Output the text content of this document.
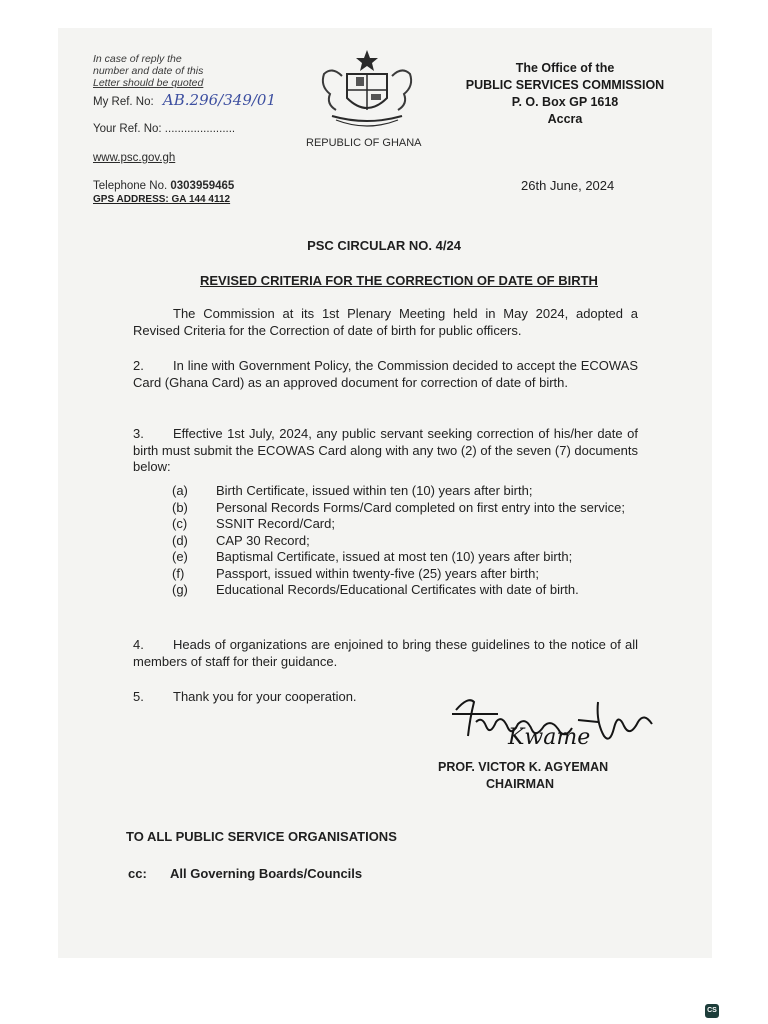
In case of reply the
number and date of this
Letter should be quoted
My Ref. No: AB.296/349/01
Your Ref. No: ......................
www.psc.gov.gh
Telephone No. 0303959465
GPS ADDRESS: GA 144 4112
REPUBLIC OF GHANA
The Office of the
PUBLIC SERVICES COMMISSION
P. O. Box GP 1618
Accra
26th June, 2024
PSC CIRCULAR NO. 4/24
REVISED CRITERIA FOR THE CORRECTION OF DATE OF BIRTH
The Commission at its 1st Plenary Meeting held in May 2024, adopted a Revised Criteria for the Correction of date of birth for public officers.
2. In line with Government Policy, the Commission decided to accept the ECOWAS Card (Ghana Card) as an approved document for correction of date of birth.
3. Effective 1st July, 2024, any public servant seeking correction of his/her date of birth must submit the ECOWAS Card along with any two (2) of the seven (7) documents below:
(a) Birth Certificate, issued within ten (10) years after birth;
(b) Personal Records Forms/Card completed on first entry into the service;
(c) SSNIT Record/Card;
(d) CAP 30 Record;
(e) Baptismal Certificate, issued at most ten (10) years after birth;
(f) Passport, issued within twenty-five (25) years after birth;
(g) Educational Records/Educational Certificates with date of birth.
4. Heads of organizations are enjoined to bring these guidelines to the notice of all members of staff for their guidance.
5. Thank you for your cooperation.
Kwame
PROF. VICTOR K. AGYEMAN
CHAIRMAN
TO ALL PUBLIC SERVICE ORGANISATIONS
cc: All Governing Boards/Councils
CS
